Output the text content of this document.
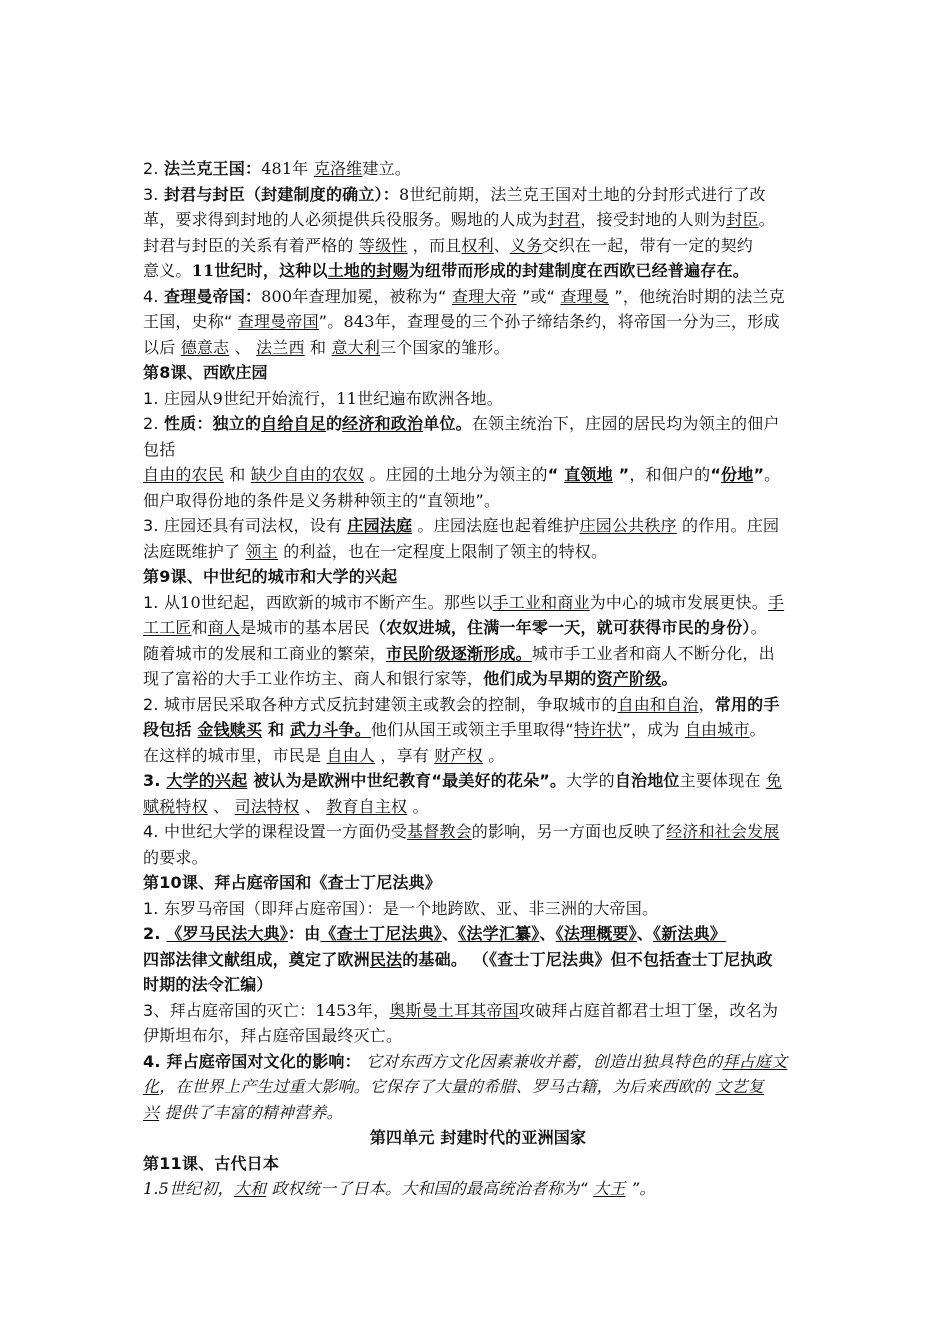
2. 法兰克王国：481年 克洛维建立。
3. 封君与封臣（封建制度的确立）：8世纪前期，法兰克王国对土地的分封形式进行了改
革，要求得到封地的人必须提供兵役服务。赐地的人成为封君，接受封地的人则为封臣。
封君与封臣的关系有着严格的 等级性 ，而且权利、义务交织在一起，带有一定的契约
意义。11世纪时，这种以土地的封赐为纽带而形成的封建制度在西欧已经普遍存在。
4. 查理曼帝国：800年查理加冕，被称为“ 查理大帝 ”或“ 查理曼 ”，他统治时期的法兰克
王国，史称“ 查理曼帝国”。843年，查理曼的三个孙子缔结条约，将帝国一分为三，形成
以后 德意志 、 法兰西 和 意大利三个国家的雏形。
第8课、西欧庄园
1. 庄园从9世纪开始流行，11世纪遍布欧洲各地。
2. 性质：独立的自给自足的经济和政治单位。在领主统治下，庄园的居民均为领主的佃户
包括
自由的农民 和 缺少自由的农奴 。庄园的土地分为领主的“ 直领地 ”，和佃户的“份地”。
佃户取得份地的条件是义务耕种领主的“直领地”。
3. 庄园还具有司法权，设有 庄园法庭 。庄园法庭也起着维护庄园公共秩序 的作用。庄园
法庭既维护了 领主 的利益，也在一定程度上限制了领主的特权。
第9课、中世纪的城市和大学的兴起
1. 从10世纪起，西欧新的城市不断产生。那些以手工业和商业为中心的城市发展更快。手
工工匠和商人是城市的基本居民（农奴进城，住满一年零一天，就可获得市民的身份）。
随着城市的发展和工商业的繁荣，市民阶级逐渐形成。城市手工业者和商人不断分化，出
现了富裕的大手工业作坊主、商人和银行家等，他们成为早期的资产阶级。
2. 城市居民采取各种方式反抗封建领主或教会的控制，争取城市的自由和自治，常用的手
段包括 金钱赎买 和 武力斗争。他们从国王或领主手里取得“特许状”，成为 自由城市。
在这样的城市里，市民是 自由人 ，享有 财产权 。
3. 大学的兴起 被认为是欧洲中世纪教育“最美好的花朵”。大学的自治地位主要体现在 免
赋税特权 、 司法特权 、 教育自主权 。
4. 中世纪大学的课程设置一方面仍受基督教会的影响，另一方面也反映了经济和社会发展
的要求。
第10课、拜占庭帝国和《查士丁尼法典》
1. 东罗马帝国（即拜占庭帝国）：是一个地跨欧、亚、非三洲的大帝国。
2. 《罗马民法大典》：由《查士丁尼法典》、《法学汇纂》、《法理概要》、《新法典》
四部法律文献组成，奠定了欧洲民法的基础。 （《查士丁尼法典》但不包括查士丁尼执政
时期的法令汇编）
3、拜占庭帝国的灭亡：1453年，奥斯曼土耳其帝国攻破拜占庭首都君士坦丁堡，改名为
伊斯坦布尔，拜占庭帝国最终灭亡。
4. 拜占庭帝国对文化的影响： 它对东西方文化因素兼收并蓄，创造出独具特色的拜占庭文
化，在世界上产生过重大影响。它保存了大量的希腊、罗马古籍，为后来西欧的 文艺复
兴 提供了丰富的精神营养。
第四单元 封建时代的亚洲国家
第11课、古代日本
1.5世纪初，大和 政权统一了日本。大和国的最高统治者称为“ 大王 ”。
